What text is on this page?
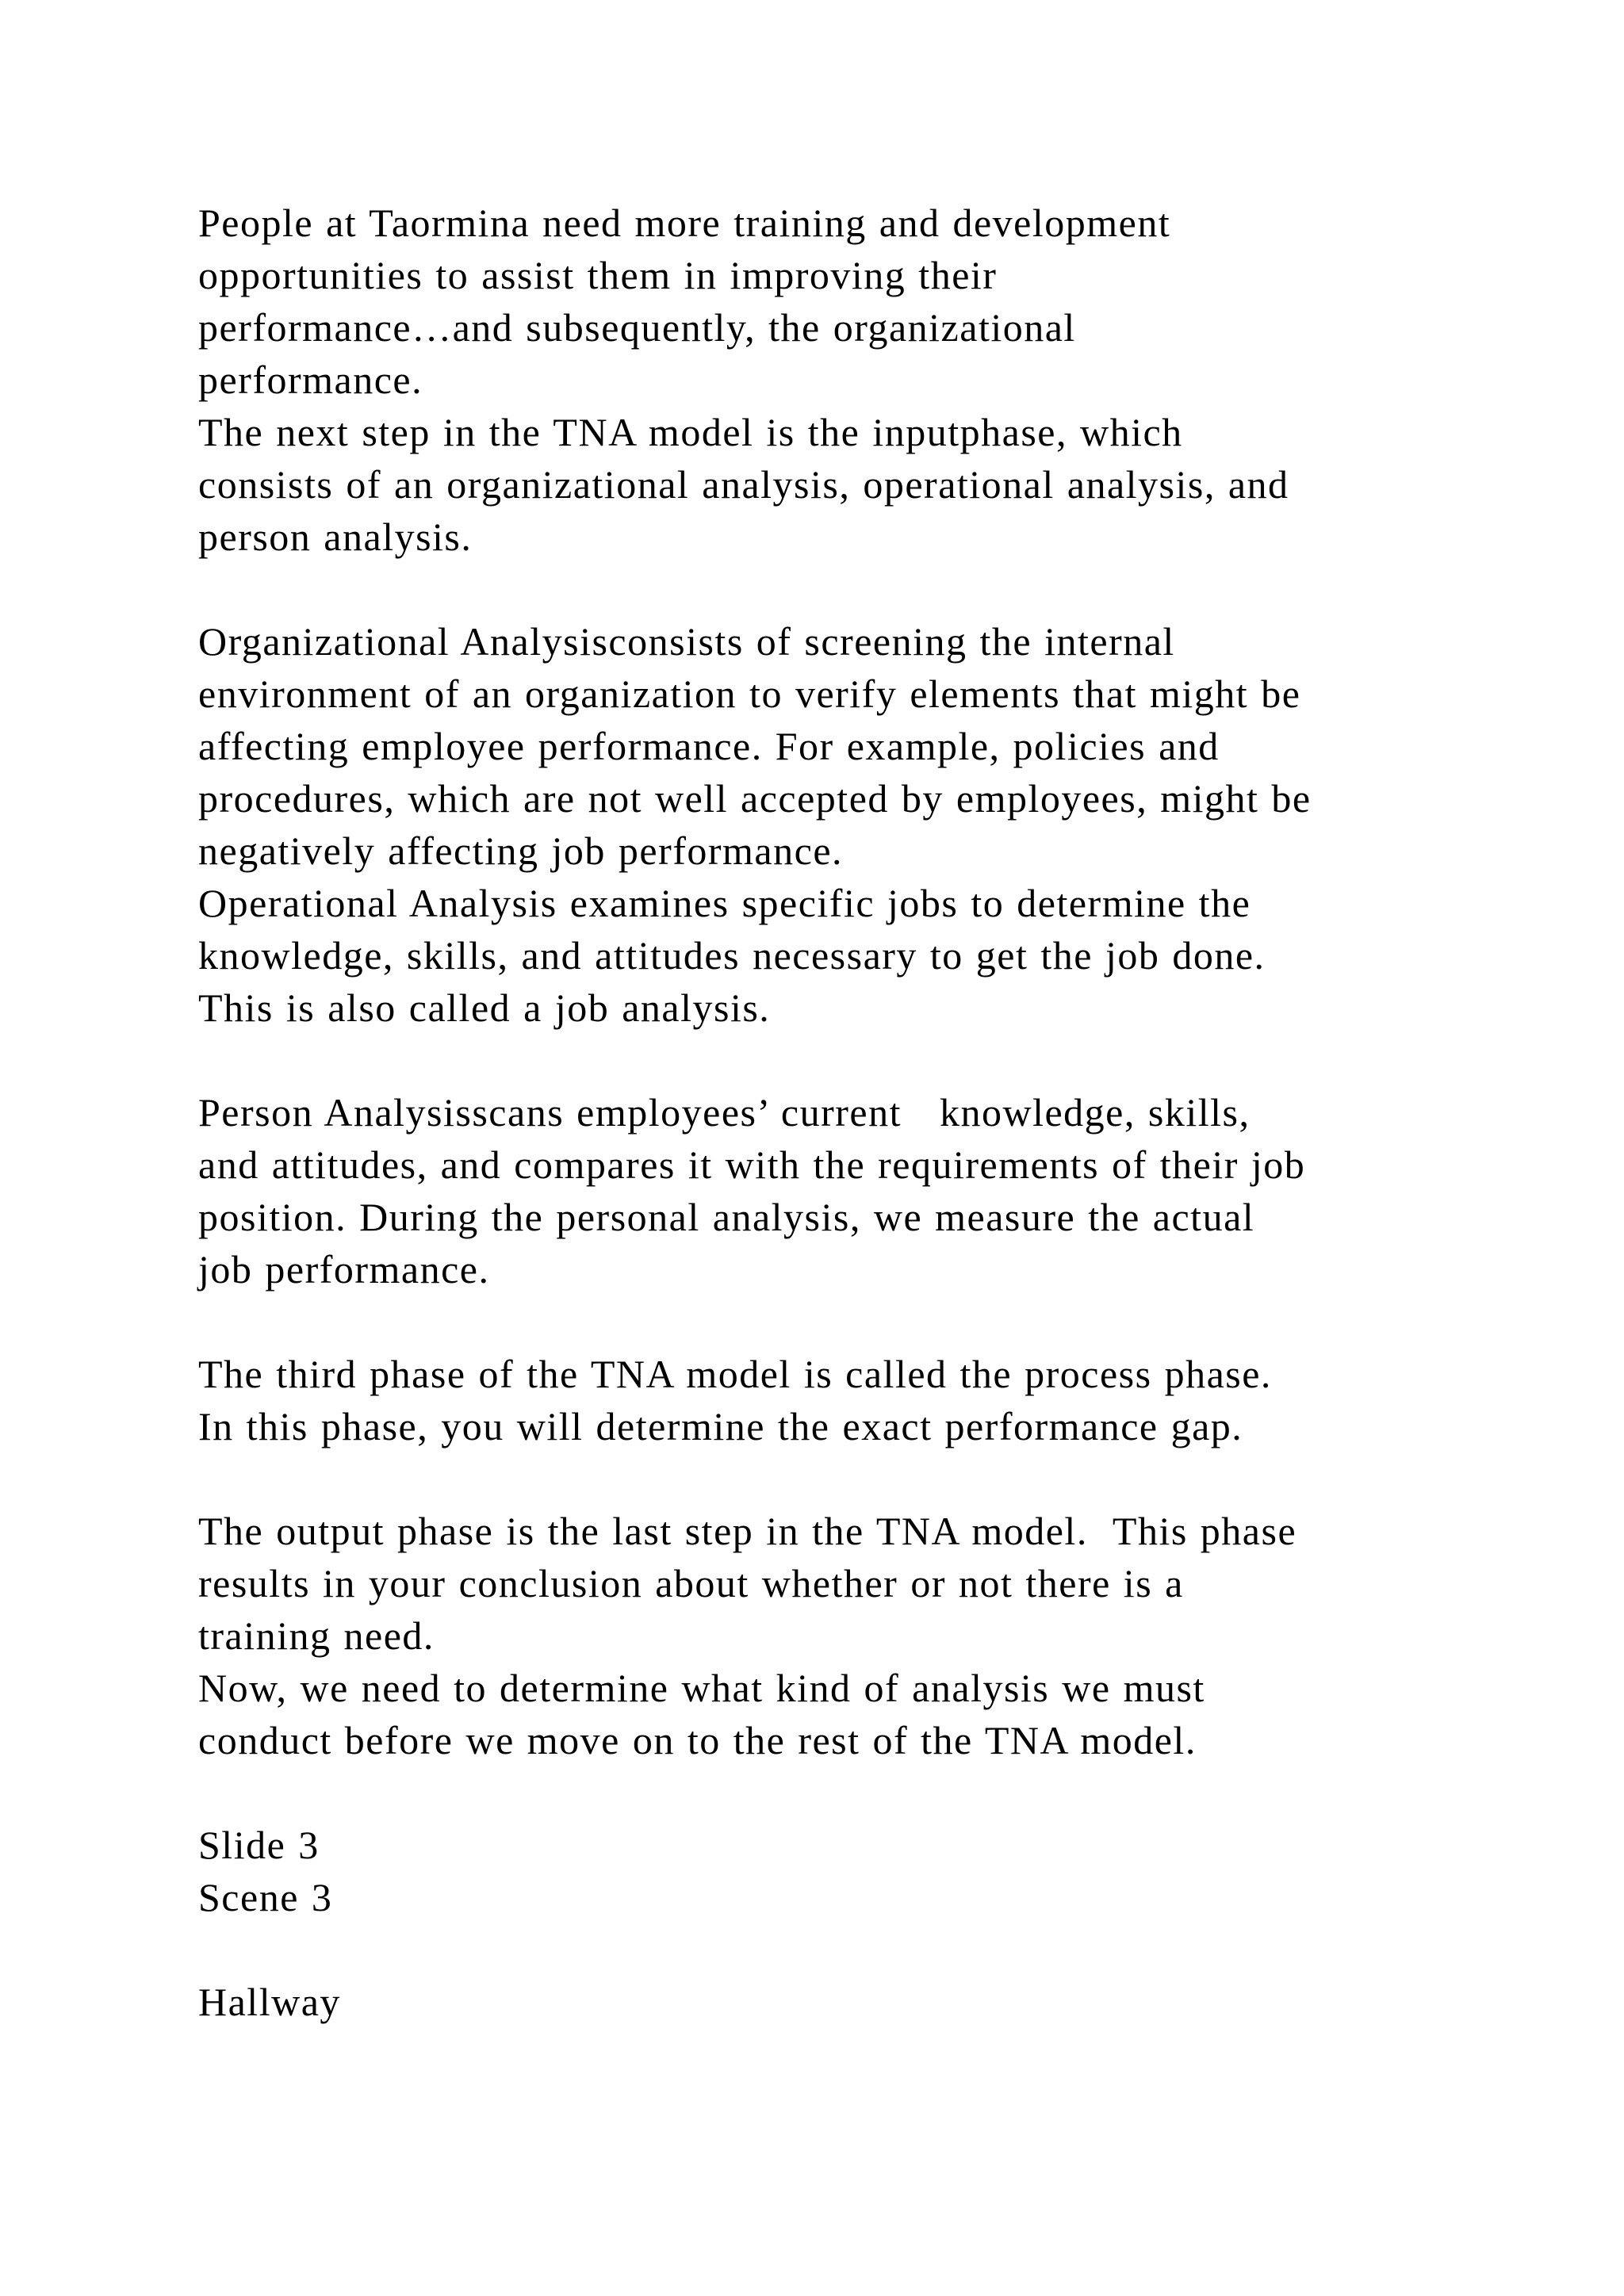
People at Taormina need more training and development
opportunities to assist them in improving their
performance…and subsequently, the organizational
performance.
The next step in the TNA model is the inputphase, which
consists of an organizational analysis, operational analysis, and
person analysis.
Organizational Analysisconsists of screening the internal
environment of an organization to verify elements that might be
affecting employee performance. For example, policies and
procedures, which are not well accepted by employees, might be
negatively affecting job performance.
Operational Analysis examines specific jobs to determine the
knowledge, skills, and attitudes necessary to get the job done.
This is also called a job analysis.
Person Analysisscans employees’ current   knowledge, skills,
and attitudes, and compares it with the requirements of their job
position. During the personal analysis, we measure the actual
job performance.
The third phase of the TNA model is called the process phase.
In this phase, you will determine the exact performance gap.
The output phase is the last step in the TNA model.  This phase
results in your conclusion about whether or not there is a
training need.
Now, we need to determine what kind of analysis we must
conduct before we move on to the rest of the TNA model.
Slide 3
Scene 3
Hallway
